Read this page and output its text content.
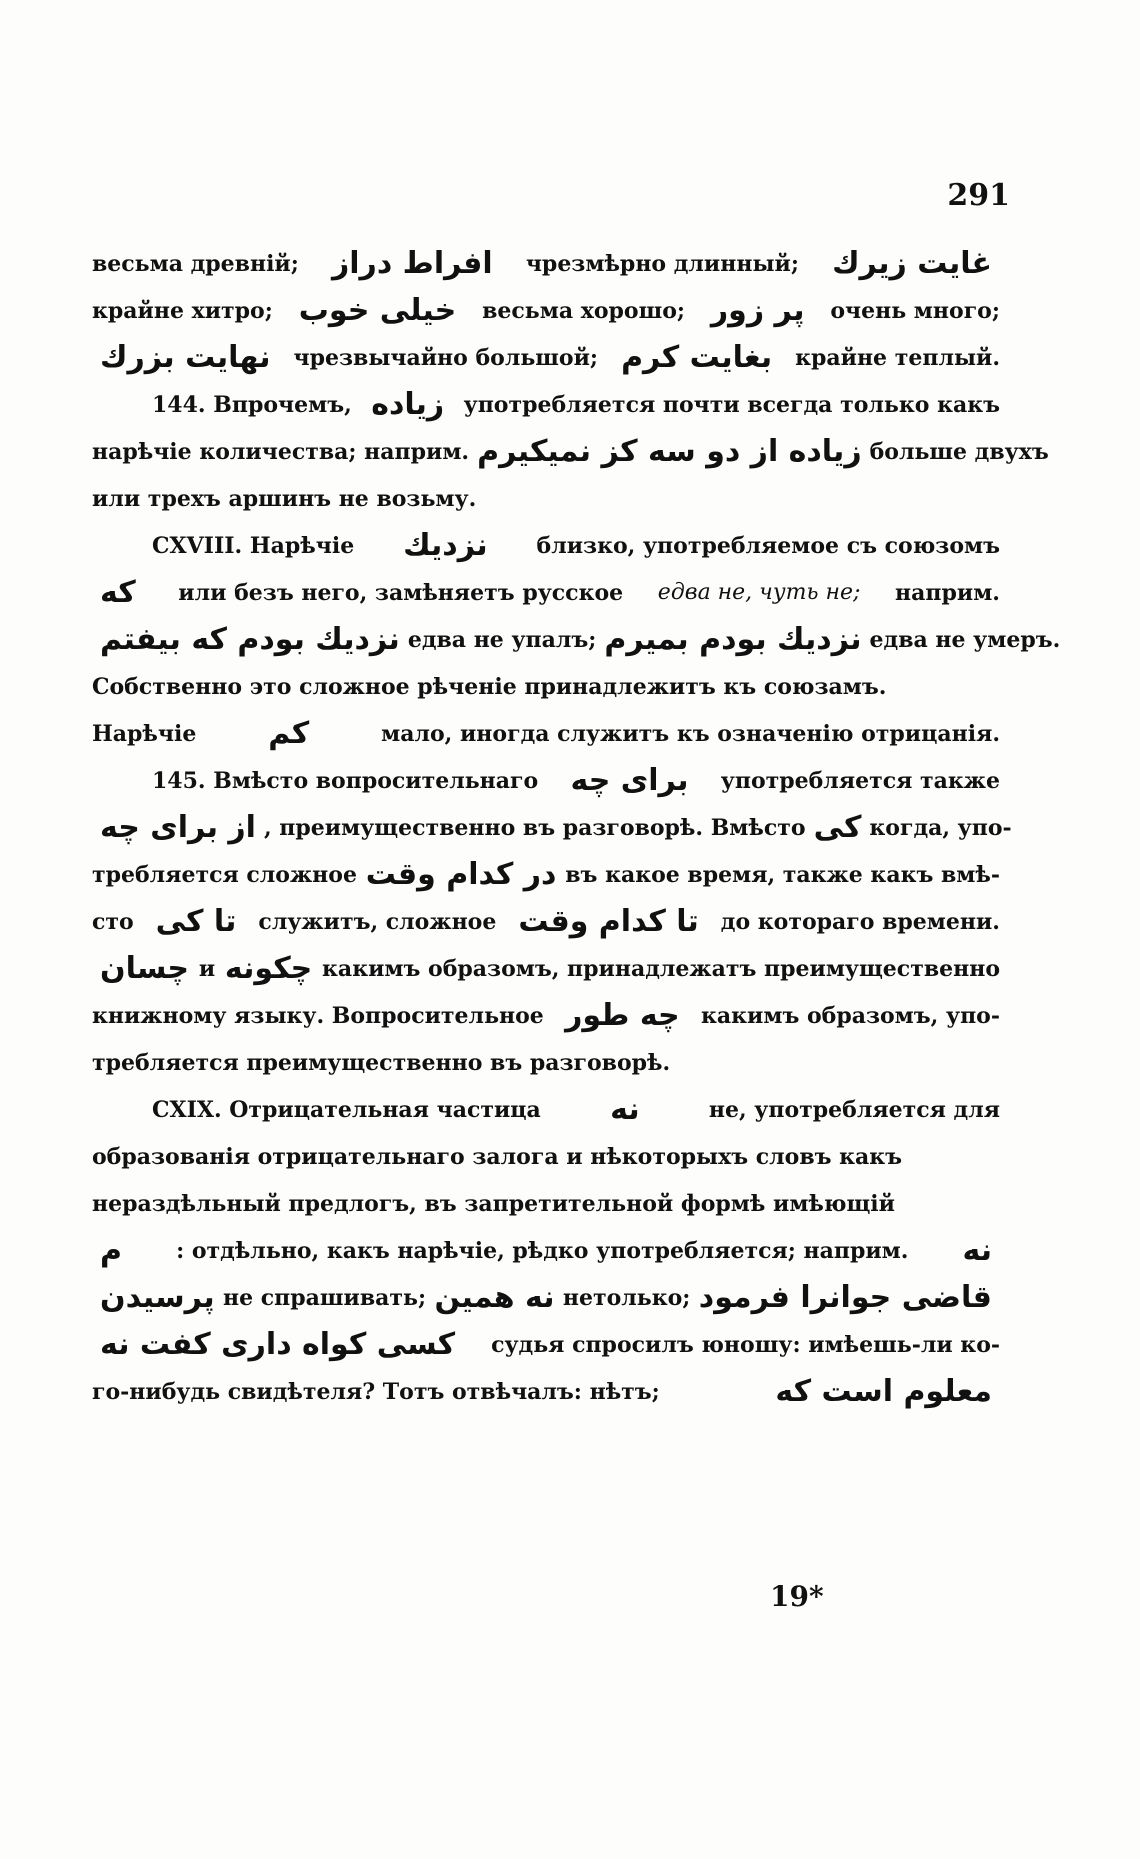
291
весьма древній; افراط دراز чрезмѣрно длинный; غايت زيرك
крайне хитро; خيلى خوب весьма хорошо; پر زور очень много;
نهايت بزرك чрезвычайно большой; بغايت كرم крайне теплый.
144. Впрочемъ, زياده употребляется почти всегда только какъ
нарѣчіе количества; наприм. زياده از دو سه كز نميكيرم больше двухъ
или трехъ аршинъ не возьму.
CXVIII. Нарѣчіе نزديك близко, употребляемое съ союзомъ
كه или безъ него, замѣняетъ русское едва не, чуть не; наприм.
نزديك بودم كه بيفتم едва не упалъ; نزديك بودم بميرم едва не умеръ.
Собственно это сложное рѣченіе принадлежитъ къ союзамъ.
Нарѣчіе كم	мало, иногда служитъ къ означенію отрицанія.
145. Вмѣсто вопросительнаго براى چه употребляется также
از براى چه , преимущественно въ разговорѣ. Вмѣсто كى когда, упо-
требляется сложное در كدام وقت въ какое время, также какъ вмѣ-
сто تا كى служитъ, сложное تا كدام وقت до котораго времени.
چسان и چكونه какимъ образомъ, принадлежатъ преимущественно
книжному языку. Вопросительное چه طور какимъ образомъ, упо-
требляется преимущественно въ разговорѣ.
CXIX. Отрицательная частица نه	не, употребляется для
образованія отрицательнаго залога и нѣкоторыхъ словъ какъ
нераздѣльный предлогъ, въ запретительной формѣ имѣющій
م : отдѣльно, какъ нарѣчіе, рѣдко употребляется; наприм. نه
پرسيدن не спрашивать; نه همين нетолько; قاضى جوانرا فرمود
كسى كواه دارى كفت نه судья спросилъ юношу: имѣешь-ли ко-
го-нибудь свидѣтеля? Тотъ отвѣчалъ: нѣтъ;	معلوم است كه
19*
